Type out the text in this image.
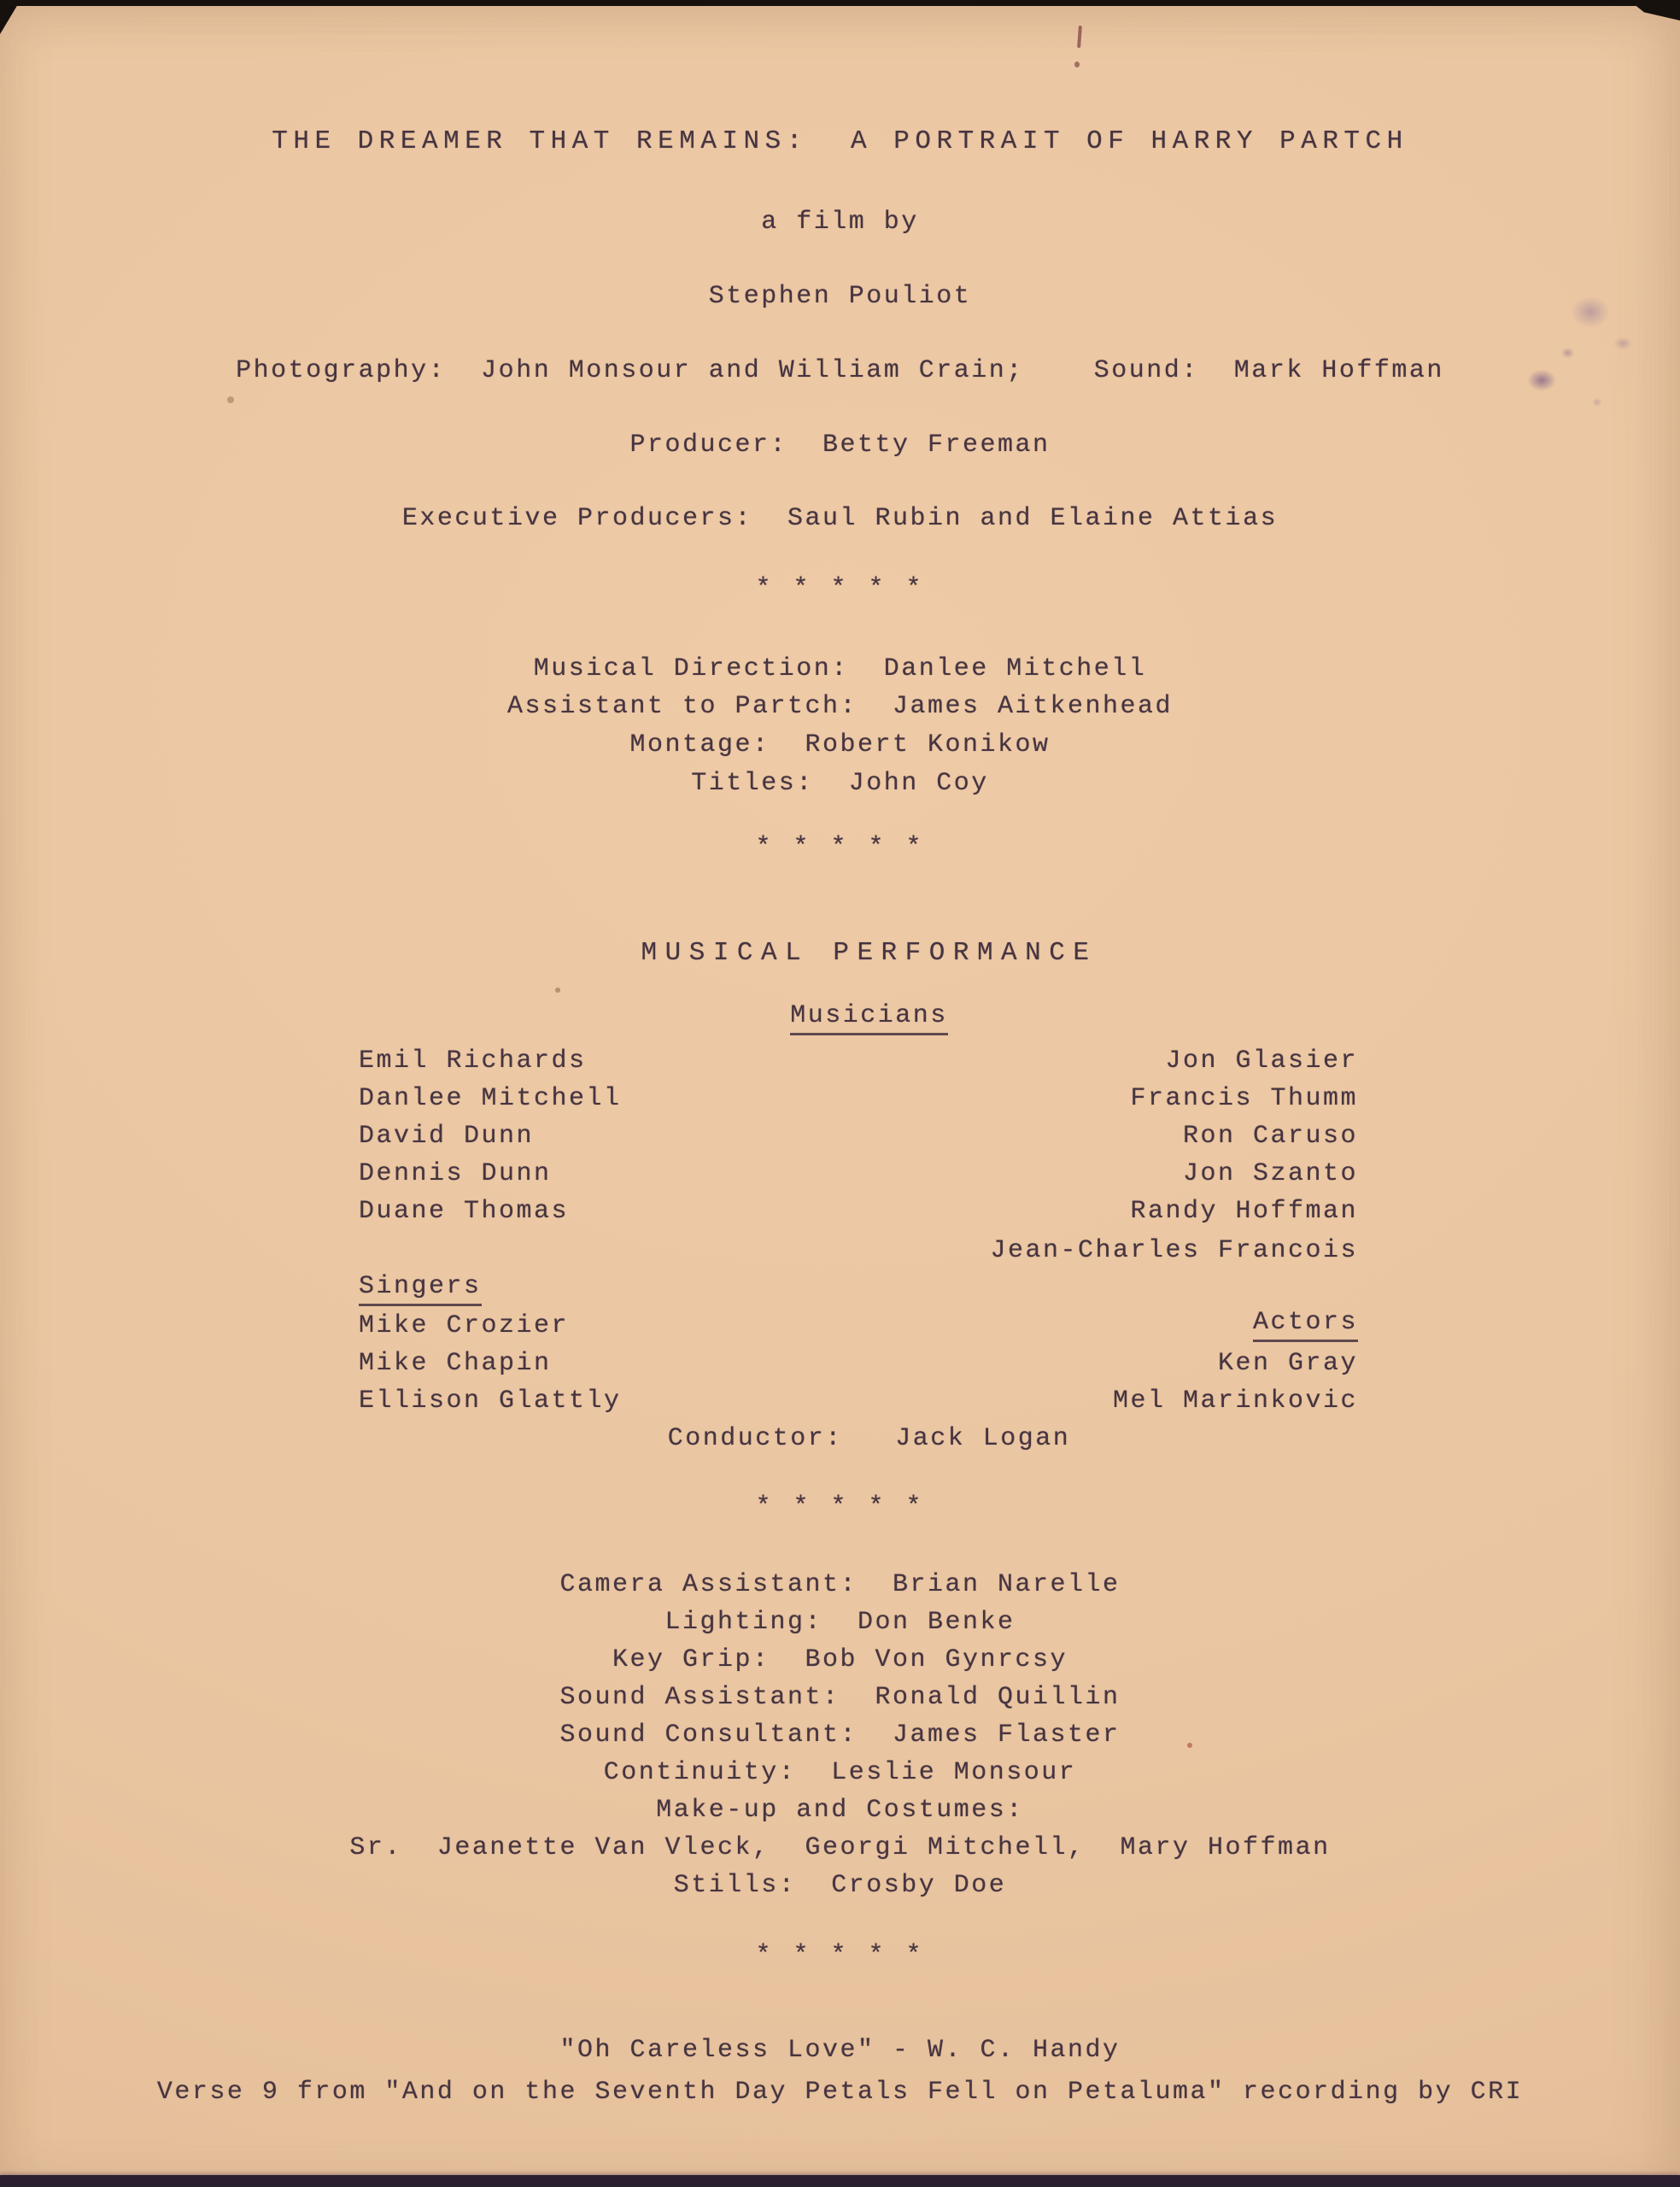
THE DREAMER THAT REMAINS:  A PORTRAIT OF HARRY PARTCH
a film by
Stephen Pouliot
Photography:  John Monsour and William Crain;    Sound:  Mark Hoffman
Producer:  Betty Freeman
Executive Producers:  Saul Rubin and Elaine Attias
* * * * *
Musical Direction:  Danlee Mitchell
Assistant to Partch:  James Aitkenhead
Montage:  Robert Konikow
Titles:  John Coy
* * * * *
MUSICAL PERFORMANCE
Musicians
Emil Richards
Danlee Mitchell
David Dunn
Dennis Dunn
Duane Thomas
Jon Glasier
Francis Thumm
Ron Caruso
Jon Szanto
Randy Hoffman
Jean-Charles Francois
Singers
Mike Crozier
Mike Chapin
Ellison Glattly
Actors
Ken Gray
Mel Marinkovic
Conductor:   Jack Logan
* * * * *
Camera Assistant:  Brian Narelle
Lighting:  Don Benke
Key Grip:  Bob Von Gynrcsy
Sound Assistant:  Ronald Quillin
Sound Consultant:  James Flaster
Continuity:  Leslie Monsour
Make-up and Costumes:
Sr.  Jeanette Van Vleck,  Georgi Mitchell,  Mary Hoffman
Stills:  Crosby Doe
* * * * *
"Oh Careless Love" - W. C. Handy
Verse 9 from "And on the Seventh Day Petals Fell on Petaluma" recording by CRI
